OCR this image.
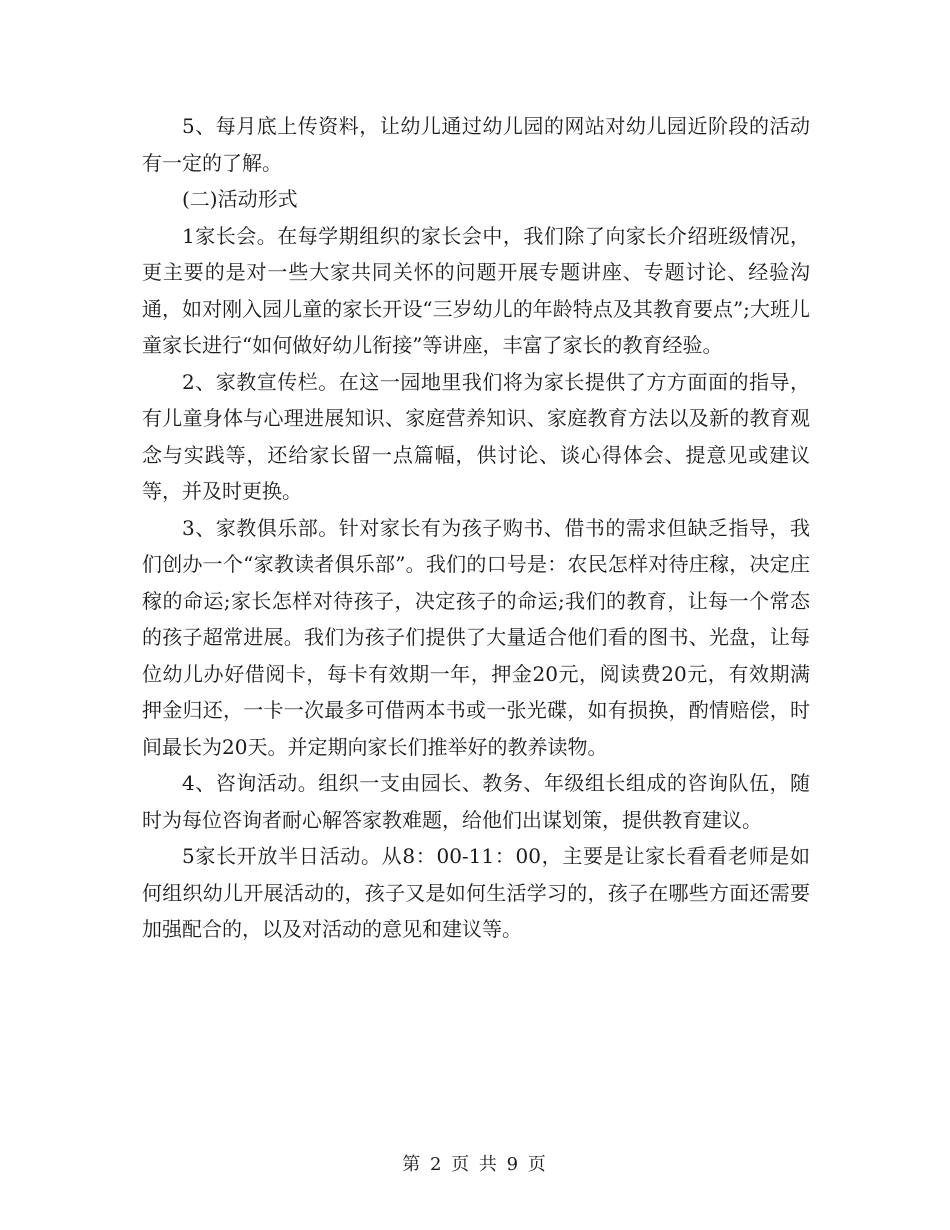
5、每月底上传资料，让幼儿通过幼儿园的网站对幼儿园近阶段的活动有一定的了解。

(二)活动形式

1家长会。在每学期组织的家长会中，我们除了向家长介绍班级情况，更主要的是对一些大家共同关怀的问题开展专题讲座、专题讨论、经验沟通，如对刚入园儿童的家长开设“三岁幼儿的年龄特点及其教育要点”;大班儿童家长进行“如何做好幼儿衔接”等讲座，丰富了家长的教育经验。

2、家教宣传栏。在这一园地里我们将为家长提供了方方面面的指导，有儿童身体与心理进展知识、家庭营养知识、家庭教育方法以及新的教育观念与实践等，还给家长留一点篇幅，供讨论、谈心得体会、提意见或建议等，并及时更换。

3、家教俱乐部。针对家长有为孩子购书、借书的需求但缺乏指导，我们创办一个“家教读者俱乐部”。我们的口号是：农民怎样对待庄稼，决定庄稼的命运;家长怎样对待孩子，决定孩子的命运;我们的教育，让每一个常态的孩子超常进展。我们为孩子们提供了大量适合他们看的图书、光盘，让每位幼儿办好借阅卡，每卡有效期一年，押金20元，阅读费20元，有效期满押金归还，一卡一次最多可借两本书或一张光碟，如有损换，酌情赔偿，时间最长为20天。并定期向家长们推举好的教养读物。

4、咨询活动。组织一支由园长、教务、年级组长组成的咨询队伍，随时为每位咨询者耐心解答家教难题，给他们出谋划策，提供教育建议。

5家长开放半日活动。从8：00-11：00，主要是让家长看看老师是如何组织幼儿开展活动的，孩子又是如何生活学习的，孩子在哪些方面还需要加强配合的，以及对活动的意见和建议等。

第 2 页 共 9 页
